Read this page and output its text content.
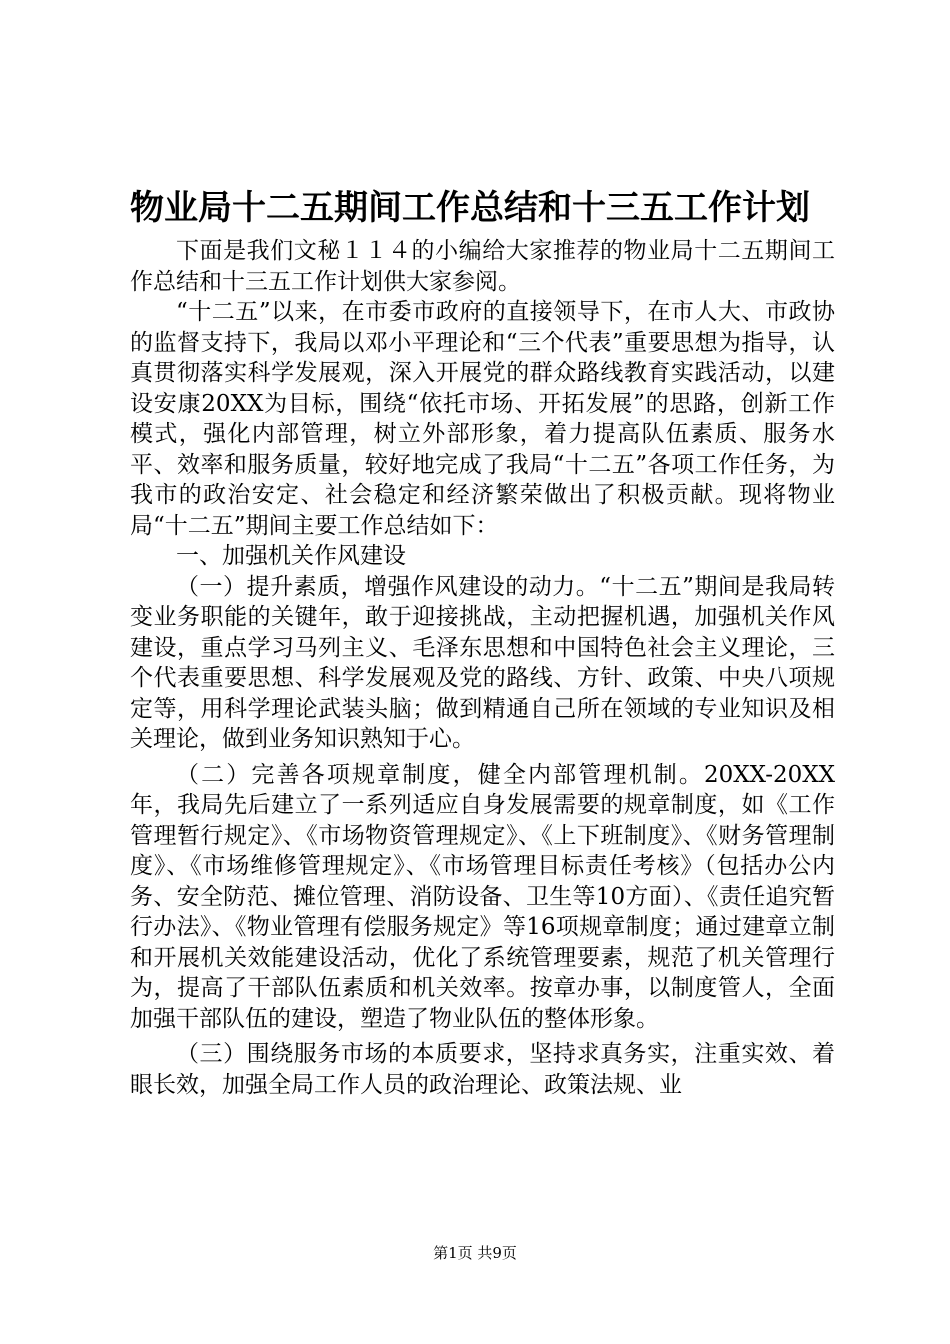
物业局十二五期间工作总结和十三五工作计划

下面是我们文秘１１４的小编给大家推荐的物业局十二五期间工作总结和十三五工作计划供大家参阅。

“十二五”以来，在市委市政府的直接领导下，在市人大、市政协的监督支持下，我局以邓小平理论和“三个代表”重要思想为指导，认真贯彻落实科学发展观，深入开展党的群众路线教育实践活动，以建设安康20XX为目标，围绕“依托市场、开拓发展”的思路，创新工作模式，强化内部管理，树立外部形象，着力提高队伍素质、服务水平、效率和服务质量，较好地完成了我局“十二五”各项工作任务，为我市的政治安定、社会稳定和经济繁荣做出了积极贡献。现将物业局“十二五”期间主要工作总结如下：

一、加强机关作风建设

（一）提升素质，增强作风建设的动力。“十二五”期间是我局转变业务职能的关键年，敢于迎接挑战，主动把握机遇，加强机关作风建设，重点学习马列主义、毛泽东思想和中国特色社会主义理论，三个代表重要思想、科学发展观及党的路线、方针、政策、中央八项规定等，用科学理论武装头脑；做到精通自己所在领域的专业知识及相关理论，做到业务知识熟知于心。

（二）完善各项规章制度，健全内部管理机制。20XX-20XX年，我局先后建立了一系列适应自身发展需要的规章制度，如《工作管理暂行规定》、《市场物资管理规定》、《上下班制度》、《财务管理制度》、《市场维修管理规定》、《市场管理目标责任考核》（包括办公内务、安全防范、摊位管理、消防设备、卫生等10方面）、《责任追究暂行办法》、《物业管理有偿服务规定》等16项规章制度；通过建章立制和开展机关效能建设活动，优化了系统管理要素，规范了机关管理行为，提高了干部队伍素质和机关效率。按章办事，以制度管人，全面加强干部队伍的建设，塑造了物业队伍的整体形象。

（三）围绕服务市场的本质要求，坚持求真务实，注重实效、着眼长效，加强全局工作人员的政治理论、政策法规、业

第1页 共9页
